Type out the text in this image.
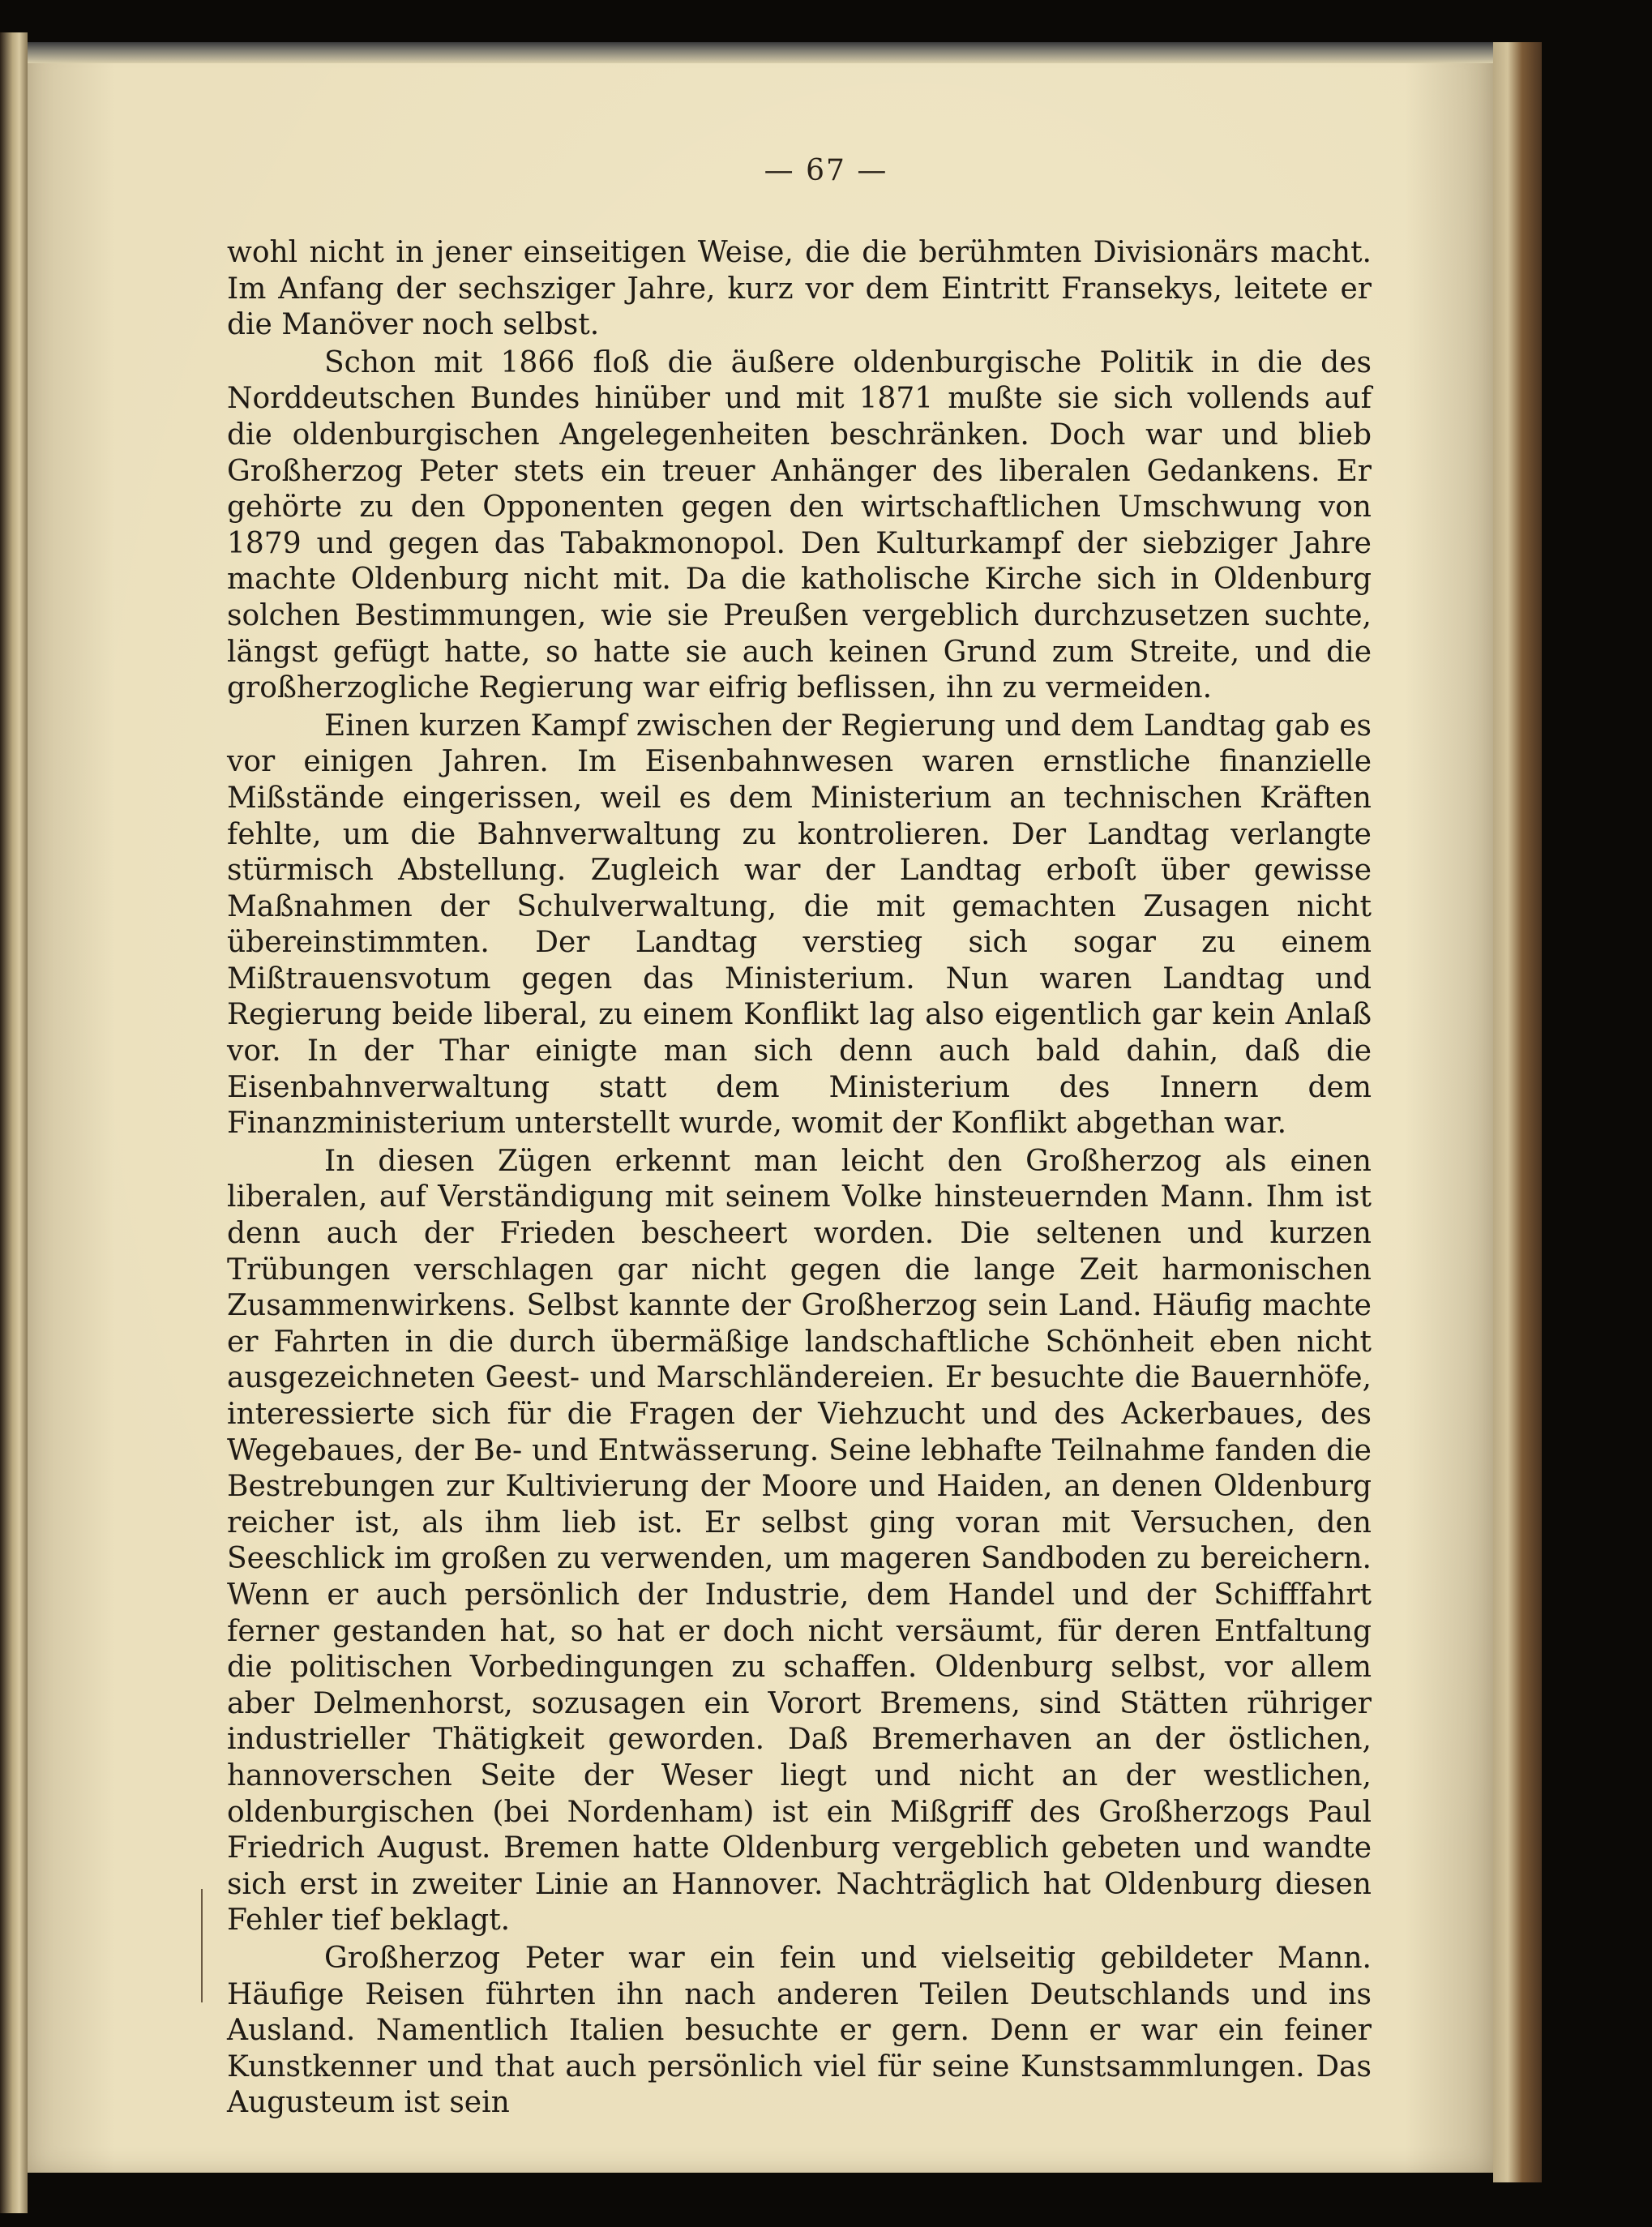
— 67 —

wohl nicht in jener einseitigen Weise, die die berühmten Divisionärs macht. Im Anfang der sechsziger Jahre, kurz vor dem Eintritt Fransekys, leitete er die Manöver noch selbst.

Schon mit 1866 floß die äußere oldenburgische Politik in die des Norddeutschen Bundes hinüber und mit 1871 mußte sie sich vollends auf die oldenburgischen Angelegenheiten beschränken. Doch war und blieb Großherzog Peter stets ein treuer Anhänger des liberalen Gedankens. Er gehörte zu den Opponenten gegen den wirtschaftlichen Umschwung von 1879 und gegen das Tabakmonopol. Den Kulturkampf der siebziger Jahre machte Oldenburg nicht mit. Da die katholische Kirche sich in Oldenburg solchen Bestimmungen, wie sie Preußen vergeblich durchzusetzen suchte, längst gefügt hatte, so hatte sie auch keinen Grund zum Streite, und die großherzogliche Regierung war eifrig beflissen, ihn zu vermeiden.

Einen kurzen Kampf zwischen der Regierung und dem Landtag gab es vor einigen Jahren. Im Eisenbahnwesen waren ernstliche finanzielle Mißstände eingerissen, weil es dem Ministerium an technischen Kräften fehlte, um die Bahnverwaltung zu kontrolieren. Der Landtag verlangte stürmisch Abstellung. Zugleich war der Landtag erboſt über gewisse Maßnahmen der Schulverwaltung, die mit gemachten Zusagen nicht übereinstimmten. Der Landtag verstieg sich sogar zu einem Mißtrauensvotum gegen das Ministerium. Nun waren Landtag und Regierung beide liberal, zu einem Konflikt lag also eigentlich gar kein Anlaß vor. In der Thar einigte man sich denn auch bald dahin, daß die Eisenbahnverwaltung statt dem Ministerium des Innern dem Finanzministerium unterstellt wurde, womit der Konflikt abgethan war.

In diesen Zügen erkennt man leicht den Großherzog als einen liberalen, auf Verständigung mit seinem Volke hinsteuernden Mann. Ihm ist denn auch der Frieden bescheert worden. Die seltenen und kurzen Trübungen verschlagen gar nicht gegen die lange Zeit harmonischen Zusammenwirkens. Selbst kannte der Großherzog sein Land. Häufig machte er Fahrten in die durch übermäßige landschaftliche Schönheit eben nicht ausgezeichneten Geest- und Marschländereien. Er besuchte die Bauernhöfe, interessierte sich für die Fragen der Viehzucht und des Ackerbaues, des Wegebaues, der Be- und Entwässerung. Seine lebhafte Teilnahme fanden die Bestrebungen zur Kultivierung der Moore und Haiden, an denen Oldenburg reicher ist, als ihm lieb ist. Er selbst ging voran mit Versuchen, den Seeschlick im großen zu verwenden, um mageren Sandboden zu bereichern. Wenn er auch persönlich der Industrie, dem Handel und der Schifffahrt ferner gestanden hat, so hat er doch nicht versäumt, für deren Entfaltung die politischen Vorbedingungen zu schaffen. Oldenburg selbst, vor allem aber Delmenhorst, sozusagen ein Vorort Bremens, sind Stätten rühriger industrieller Thätigkeit geworden. Daß Bremerhaven an der östlichen, hannoverschen Seite der Weser liegt und nicht an der westlichen, oldenburgischen (bei Nordenham) ist ein Mißgriff des Großherzogs Paul Friedrich August. Bremen hatte Oldenburg vergeblich gebeten und wandte sich erst in zweiter Linie an Hannover. Nachträglich hat Oldenburg diesen Fehler tief beklagt.

Großherzog Peter war ein fein und vielseitig gebildeter Mann. Häufige Reisen führten ihn nach anderen Teilen Deutschlands und ins Ausland. Namentlich Italien besuchte er gern. Denn er war ein feiner Kunstkenner und that auch persönlich viel für seine Kunstsammlungen. Das Augusteum ist sein
